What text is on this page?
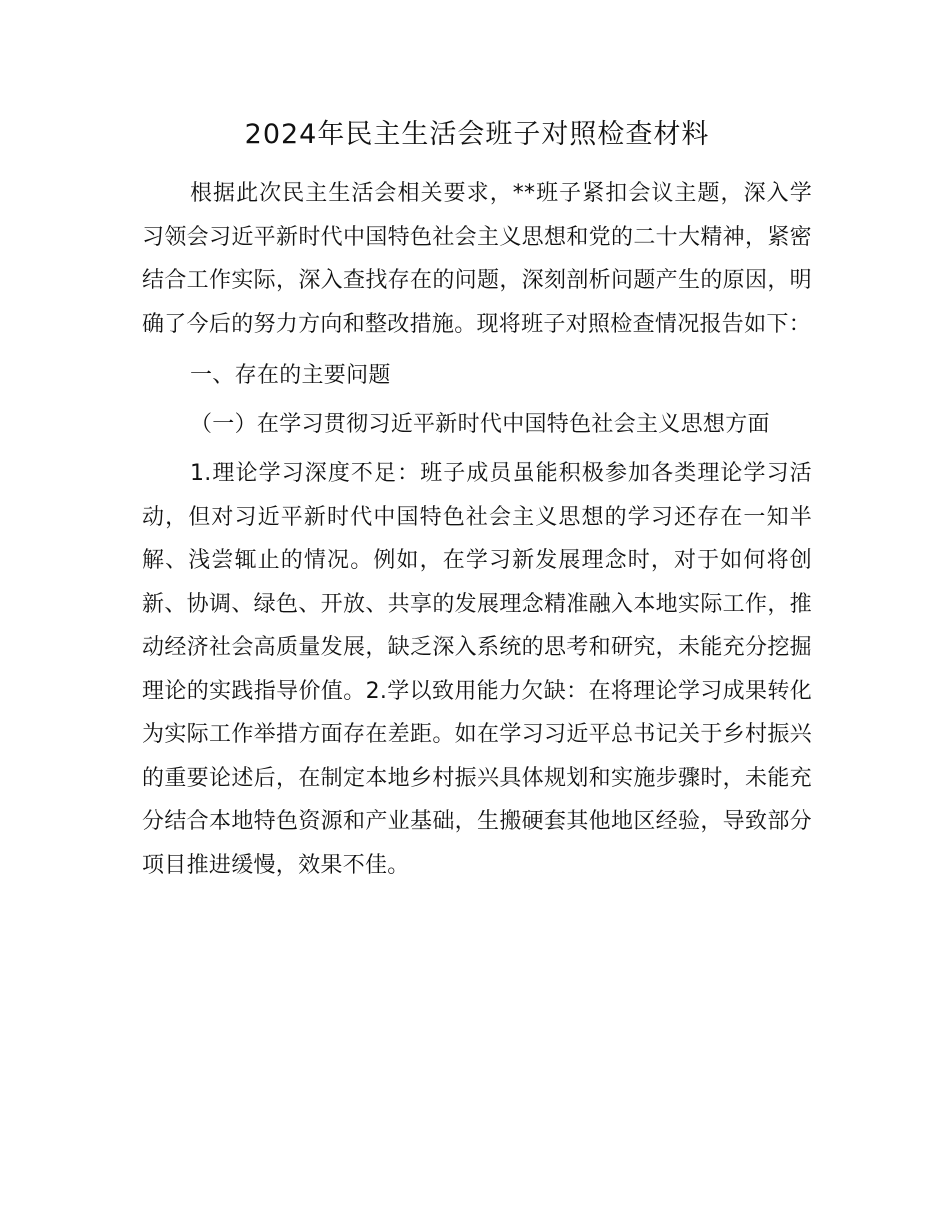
2024年民主生活会班子对照检查材料

根据此次民主生活会相关要求，**班子紧扣会议主题，深入学习领会习近平新时代中国特色社会主义思想和党的二十大精神，紧密结合工作实际，深入查找存在的问题，深刻剖析问题产生的原因，明确了今后的努力方向和整改措施。现将班子对照检查情况报告如下：

一、存在的主要问题

（一）在学习贯彻习近平新时代中国特色社会主义思想方面

1.理论学习深度不足：班子成员虽能积极参加各类理论学习活动，但对习近平新时代中国特色社会主义思想的学习还存在一知半解、浅尝辄止的情况。例如，在学习新发展理念时，对于如何将创新、协调、绿色、开放、共享的发展理念精准融入本地实际工作，推动经济社会高质量发展，缺乏深入系统的思考和研究，未能充分挖掘理论的实践指导价值。2.学以致用能力欠缺：在将理论学习成果转化为实际工作举措方面存在差距。如在学习习近平总书记关于乡村振兴的重要论述后，在制定本地乡村振兴具体规划和实施步骤时，未能充分结合本地特色资源和产业基础，生搬硬套其他地区经验，导致部分项目推进缓慢，效果不佳。
